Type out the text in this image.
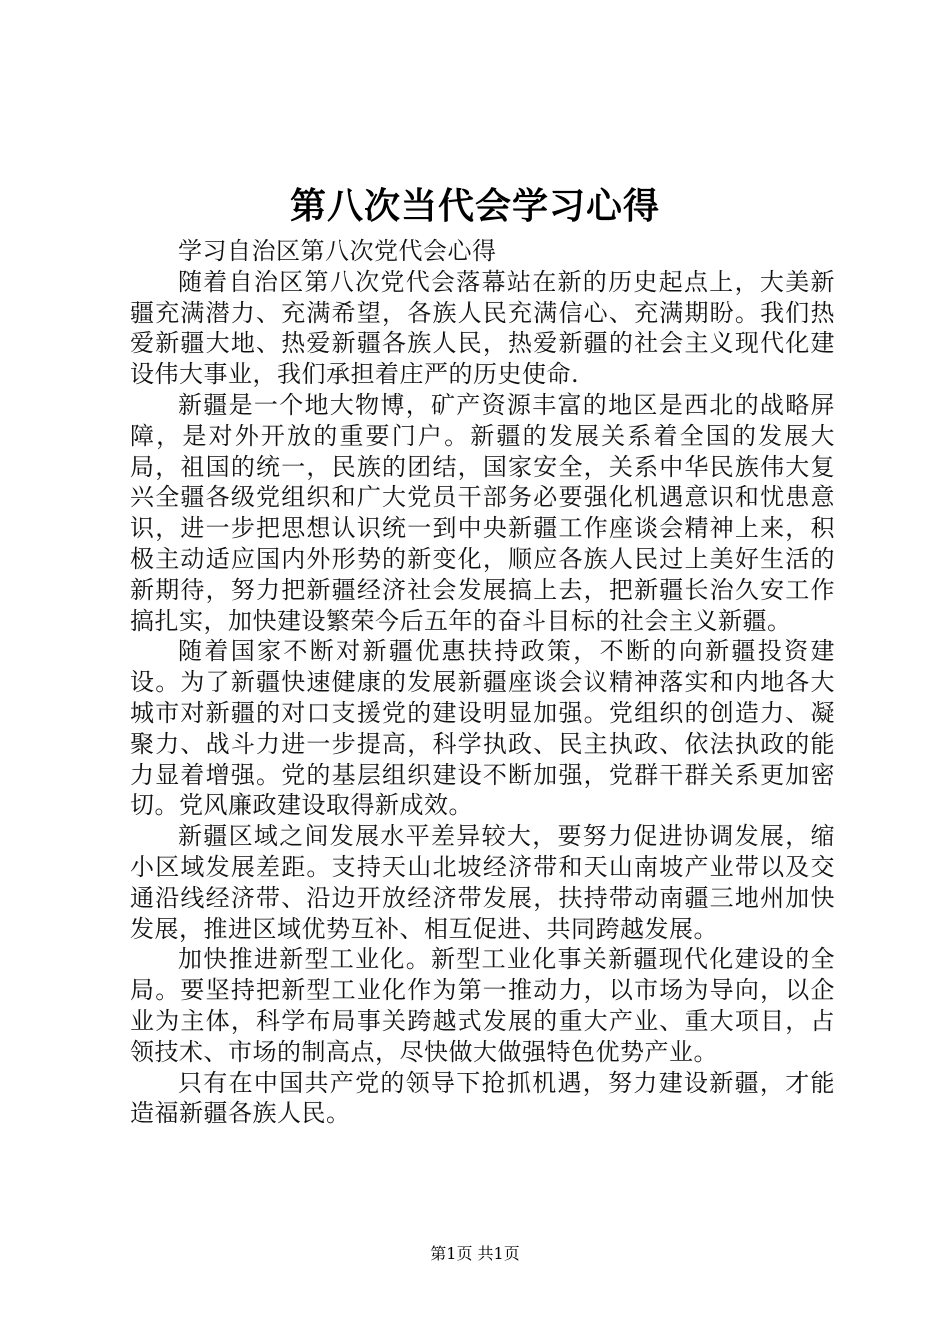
第八次当代会学习心得

学习自治区第八次党代会心得

随着自治区第八次党代会落幕站在新的历史起点上，大美新疆充满潜力、充满希望，各族人民充满信心、充满期盼。我们热爱新疆大地、热爱新疆各族人民，热爱新疆的社会主义现代化建设伟大事业，我们承担着庄严的历史使命.

新疆是一个地大物博，矿产资源丰富的地区是西北的战略屏障，是对外开放的重要门户。新疆的发展关系着全国的发展大局，祖国的统一，民族的团结，国家安全，关系中华民族伟大复兴全疆各级党组织和广大党员干部务必要强化机遇意识和忧患意识，进一步把思想认识统一到中央新疆工作座谈会精神上来，积极主动适应国内外形势的新变化，顺应各族人民过上美好生活的新期待，努力把新疆经济社会发展搞上去，把新疆长治久安工作搞扎实，加快建设繁荣今后五年的奋斗目标的社会主义新疆。

随着国家不断对新疆优惠扶持政策，不断的向新疆投资建设。为了新疆快速健康的发展新疆座谈会议精神落实和内地各大城市对新疆的对口支援党的建设明显加强。党组织的创造力、凝聚力、战斗力进一步提高，科学执政、民主执政、依法执政的能力显着增强。党的基层组织建设不断加强，党群干群关系更加密切。党风廉政建设取得新成效。

新疆区域之间发展水平差异较大，要努力促进协调发展，缩小区域发展差距。支持天山北坡经济带和天山南坡产业带以及交通沿线经济带、沿边开放经济带发展，扶持带动南疆三地州加快发展，推进区域优势互补、相互促进、共同跨越发展。

加快推进新型工业化。新型工业化事关新疆现代化建设的全局。要坚持把新型工业化作为第一推动力，以市场为导向，以企业为主体，科学布局事关跨越式发展的重大产业、重大项目，占领技术、市场的制高点，尽快做大做强特色优势产业。

只有在中国共产党的领导下抢抓机遇，努力建设新疆，才能造福新疆各族人民。

第1页 共1页
